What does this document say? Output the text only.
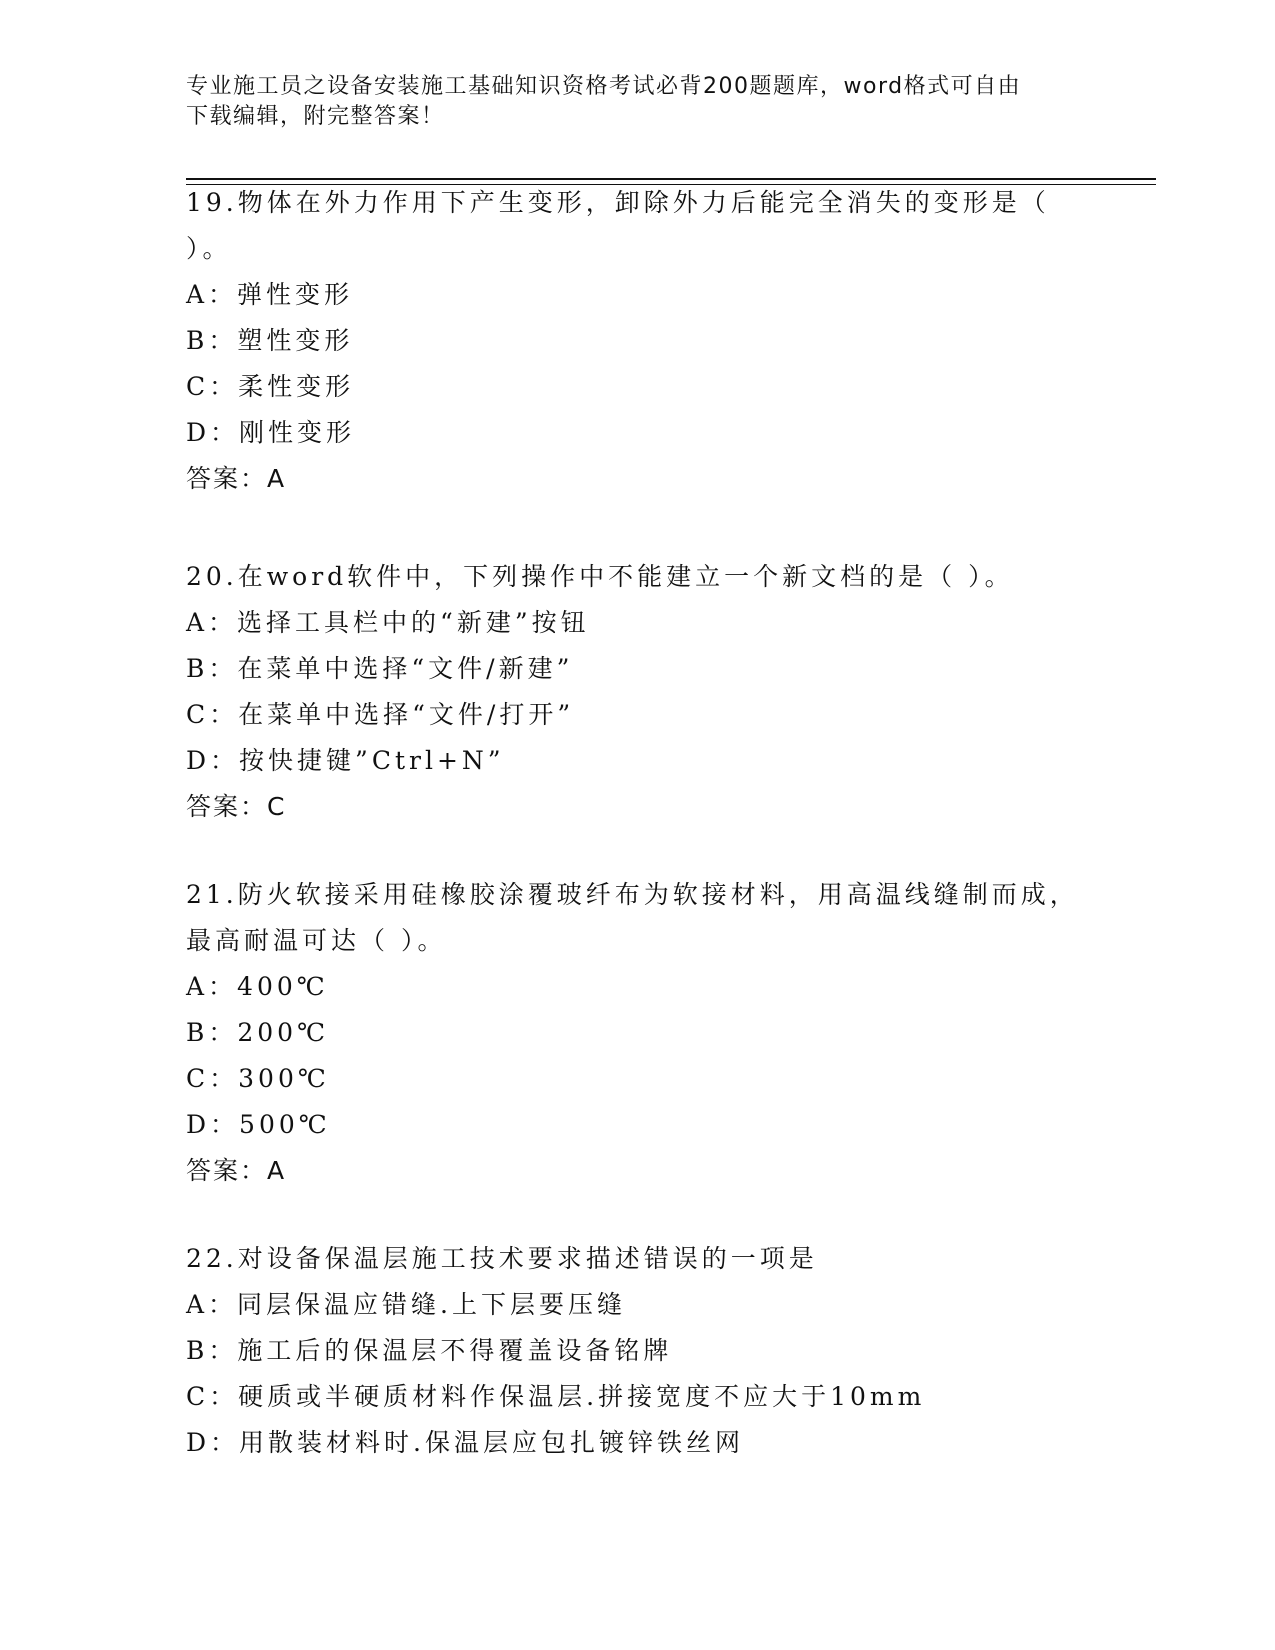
专业施工员之设备安装施工基础知识资格考试必背200题题库，word格式可自由
下载编辑，附完整答案！
19.物体在外力作用下产生变形，卸除外力后能完全消失的变形是（
）。
A：弹性变形
B：塑性变形
C：柔性变形
D：刚性变形
答案：A
20.在word软件中，下列操作中不能建立一个新文档的是（ ）。
A：选择工具栏中的“新建”按钮
B：在菜单中选择“文件/新建”
C：在菜单中选择“文件/打开”
D：按快捷键”Ctrl+N”
答案：C
21.防火软接采用硅橡胶涂覆玻纤布为软接材料，用高温线缝制而成，
最高耐温可达（ ）。
A：400℃
B：200℃
C：300℃
D：500℃
答案：A
22.对设备保温层施工技术要求描述错误的一项是
A：同层保温应错缝.上下层要压缝
B：施工后的保温层不得覆盖设备铭牌
C：硬质或半硬质材料作保温层.拼接宽度不应大于10mm
D：用散装材料时.保温层应包扎镀锌铁丝网
